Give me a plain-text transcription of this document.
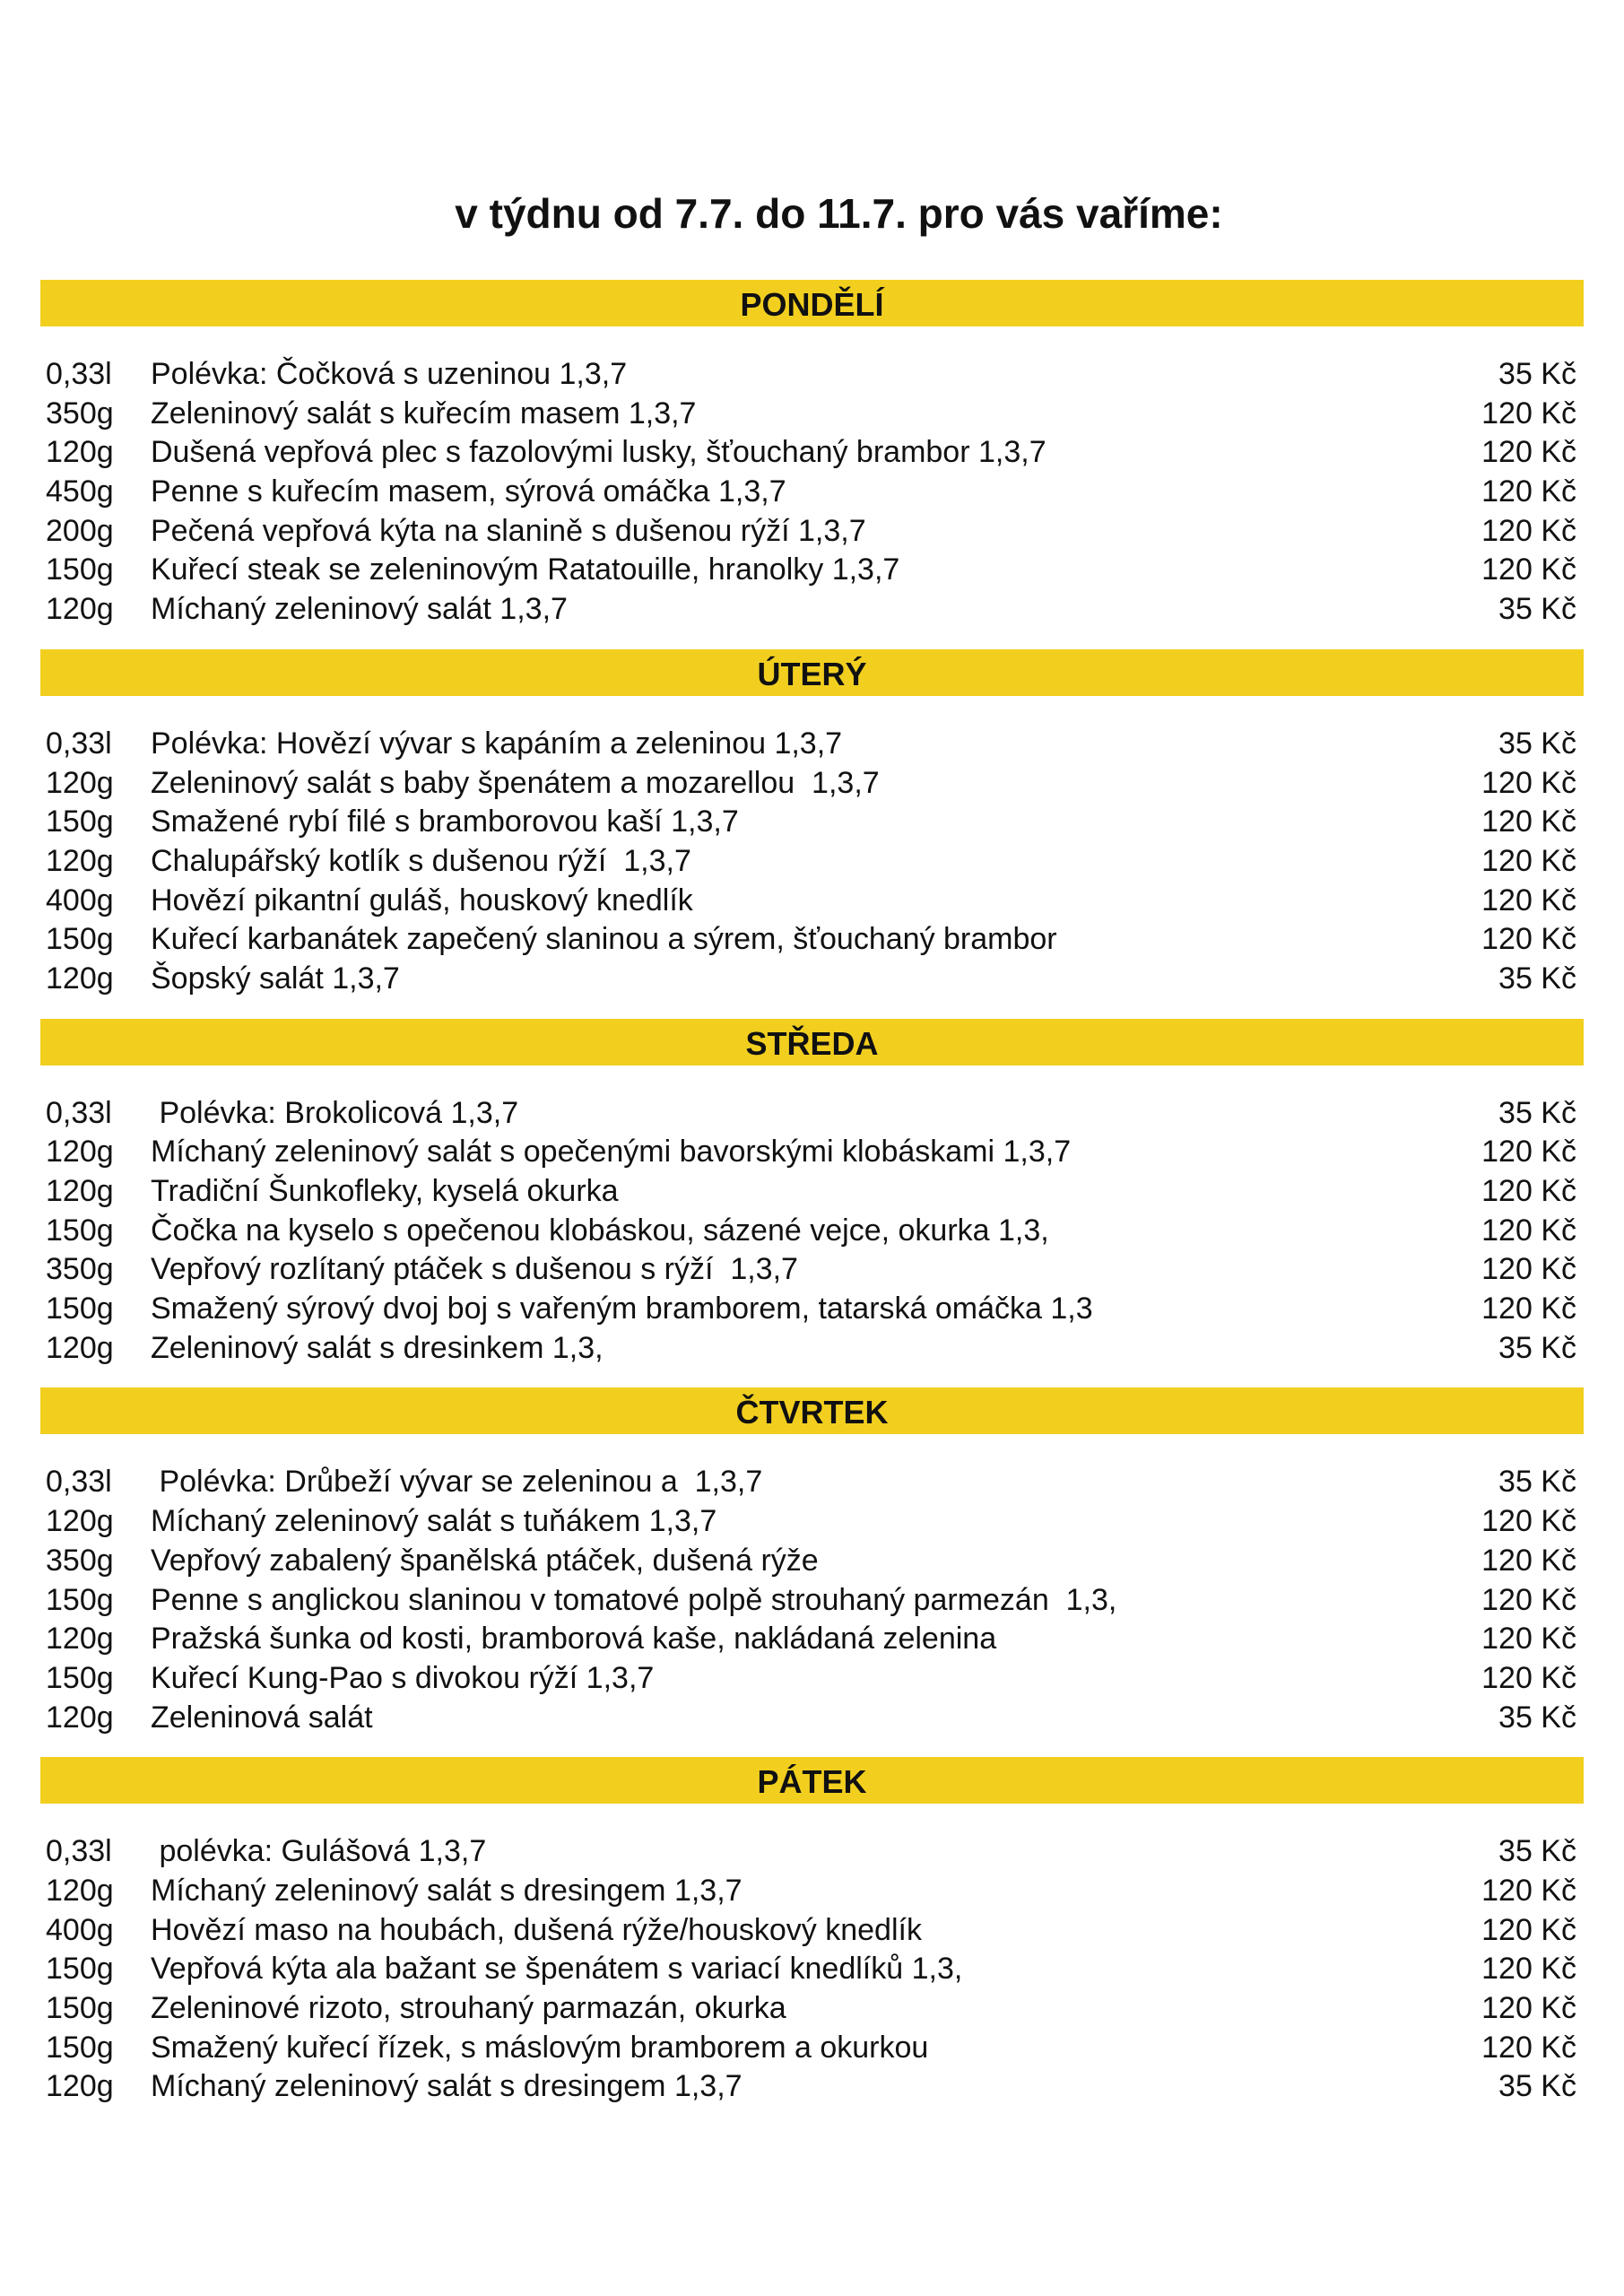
v týdnu od 7.7. do 11.7. pro vás vaříme:
PONDĚLÍ
0,33l	Polévka: Čočková s uzeninou 1,3,7	35 Kč
350g	Zeleninový salát s kuřecím masem 1,3,7	120 Kč
120g	Dušená vepřová plec s fazolovými lusky, šťouchaný brambor 1,3,7	120 Kč
450g	Penne s kuřecím masem, sýrová omáčka 1,3,7	120 Kč
200g	Pečená vepřová kýta na slanině s dušenou rýží 1,3,7	120 Kč
150g	Kuřecí steak se zeleninovým Ratatouille, hranolky 1,3,7	120 Kč
120g	Míchaný zeleninový salát 1,3,7	35 Kč
ÚTERÝ
0,33l	Polévka: Hovězí vývar s kapáním a zeleninou 1,3,7	35 Kč
120g	Zeleninový salát s baby špenátem a mozarellou  1,3,7	120 Kč
150g	Smažené rybí filé s bramborovou kaší 1,3,7	120 Kč
120g	Chalupářský kotlík s dušenou rýží  1,3,7	120 Kč
400g	Hovězí pikantní guláš, houskový knedlík	120 Kč
150g	Kuřecí karbanátek zapečený slaninou a sýrem, šťouchaný brambor	120 Kč
120g	Šopský salát 1,3,7	35 Kč
STŘEDA
0,33l	Polévka: Brokolicová 1,3,7	35 Kč
120g	Míchaný zeleninový salát s opečenými bavorskými klobáskami 1,3,7	120 Kč
120g	Tradiční Šunkofleky, kyselá okurka	120 Kč
150g	Čočka na kyselo s opečenou klobáskou, sázené vejce, okurka 1,3,	120 Kč
350g	Vepřový rozlítaný ptáček s dušenou s rýží  1,3,7	120 Kč
150g	Smažený sýrový dvoj boj s vařeným bramborem, tatarská omáčka 1,3	120 Kč
120g	Zeleninový salát s dresinkem 1,3,	35 Kč
ČTVRTEK
0,33l	Polévka: Drůbeží vývar se zeleninou a  1,3,7	35 Kč
120g	Míchaný zeleninový salát s tuňákem 1,3,7	120 Kč
350g	Vepřový zabalený španělská ptáček, dušená rýže	120 Kč
150g	Penne s anglickou slaninou v tomatové polpě strouhaný parmezán  1,3,	120 Kč
120g	Pražská šunka od kosti, bramborová kaše, nakládaná zelenina	120 Kč
150g	Kuřecí Kung-Pao s divokou rýží 1,3,7	120 Kč
120g	Zeleninová salát	35 Kč
PÁTEK
0,33l	polévka: Gulášová 1,3,7	35 Kč
120g	Míchaný zeleninový salát s dresingem 1,3,7	120 Kč
400g	Hovězí maso na houbách, dušená rýže/houskový knedlík	120 Kč
150g	Vepřová kýta ala bažant se špenátem s variací knedlíků 1,3,	120 Kč
150g	Zeleninové rizoto, strouhaný parmazán, okurka	120 Kč
150g	Smažený kuřecí řízek, s máslovým bramborem a okurkou	120 Kč
120g	Míchaný zeleninový salát s dresingem 1,3,7	35 Kč
